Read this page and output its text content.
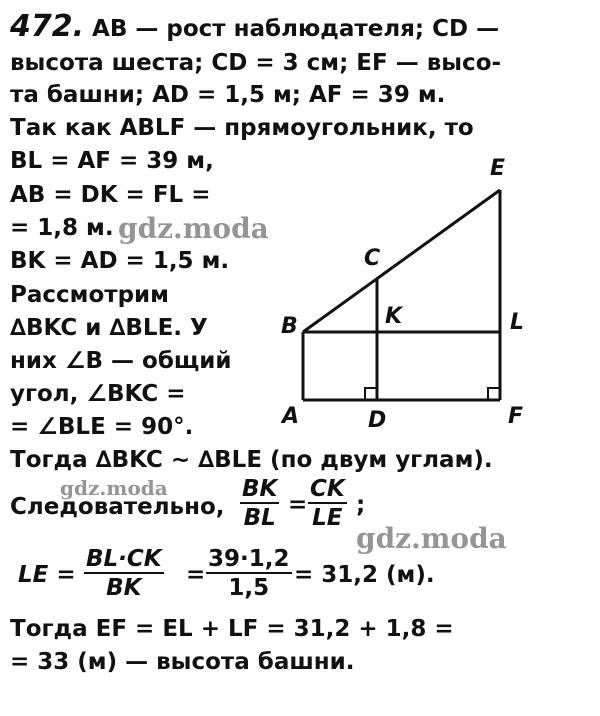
472. AB — рост наблюдателя; CD —
высота шеста; CD = 3 см; EF — высо-
та башни; AD = 1,5 м; AF = 39 м.
Так как ABLF — прямоугольник, то
BL = AF = 39 м,
AB = DK = FL =
= 1,8 м.
BK = AD = 1,5 м.
Рассмотрим
∆BKC и ∆BLE. У
них ∠B — общий
угол, ∠BKC =
= ∠BLE = 90°.
Тогда ∆BKC ~ ∆BLE (по двум углам).
Следовательно, $\frac{BK}{BL} = \frac{CK}{LE}$ ;
LE = $\frac{BL\cdot CK}{BK} = \frac{39\cdot 1,2}{1,5} = 31,2$ (м).
Тогда EF = EL + LF = 31,2 + 1,8 =
= 33 (м) — высота башни.
E
C
B	K	L
A	D	F
gdz.moda
gdz.moda
gdz.moda
